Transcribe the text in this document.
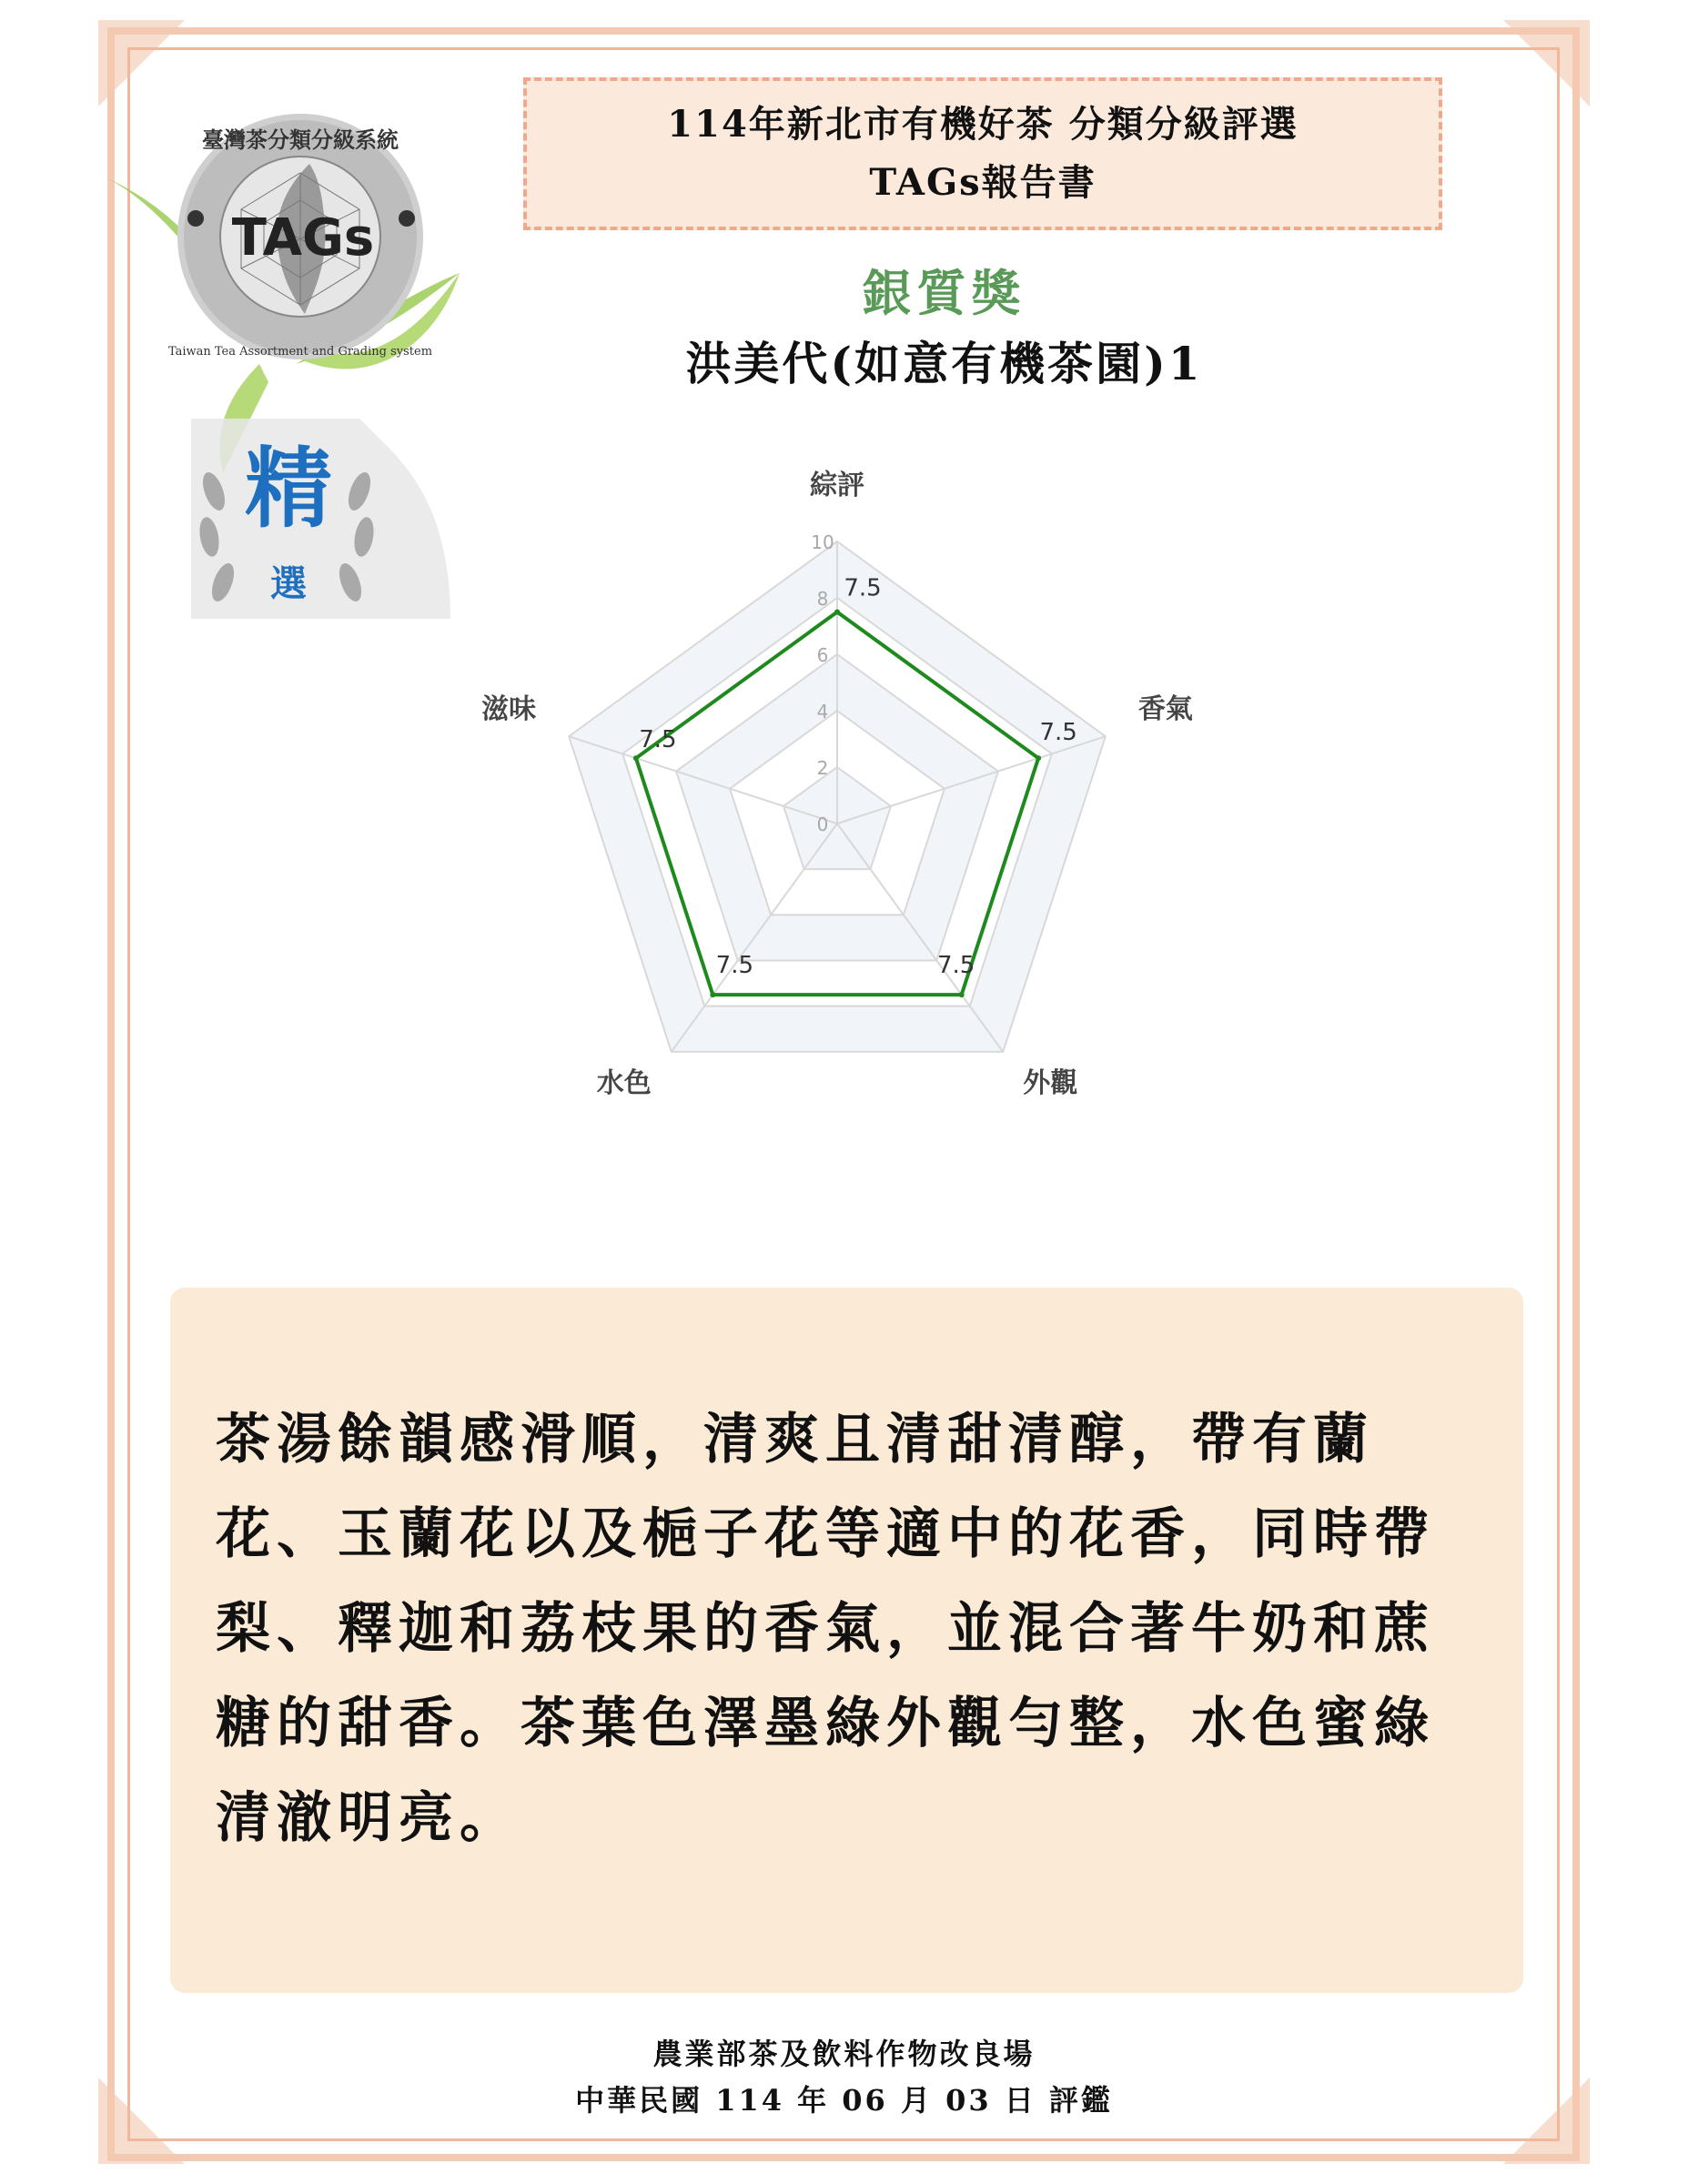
臺灣茶分類分級系統
TAGs
Taiwan Tea Assortment and Grading system
精
選
114年新北市有機好茶 分類分級評選
TAGs報告書
銀質獎
洪美代(如意有機茶園)1
0
2
4
6
8
10
7.5
7.5
7.5
7.5
7.5
綜評
香氣
外觀
水色
滋味
茶湯餘韻感滑順，清爽且清甜清醇，帶有蘭花、玉蘭花以及梔子花等適中的花香，同時帶梨、釋迦和荔枝果的香氣，並混合著牛奶和蔗糖的甜香。茶葉色澤墨綠外觀勻整，水色蜜綠清澈明亮。
農業部茶及飲料作物改良場
中華民國 114 年 06 月 03 日 評鑑
